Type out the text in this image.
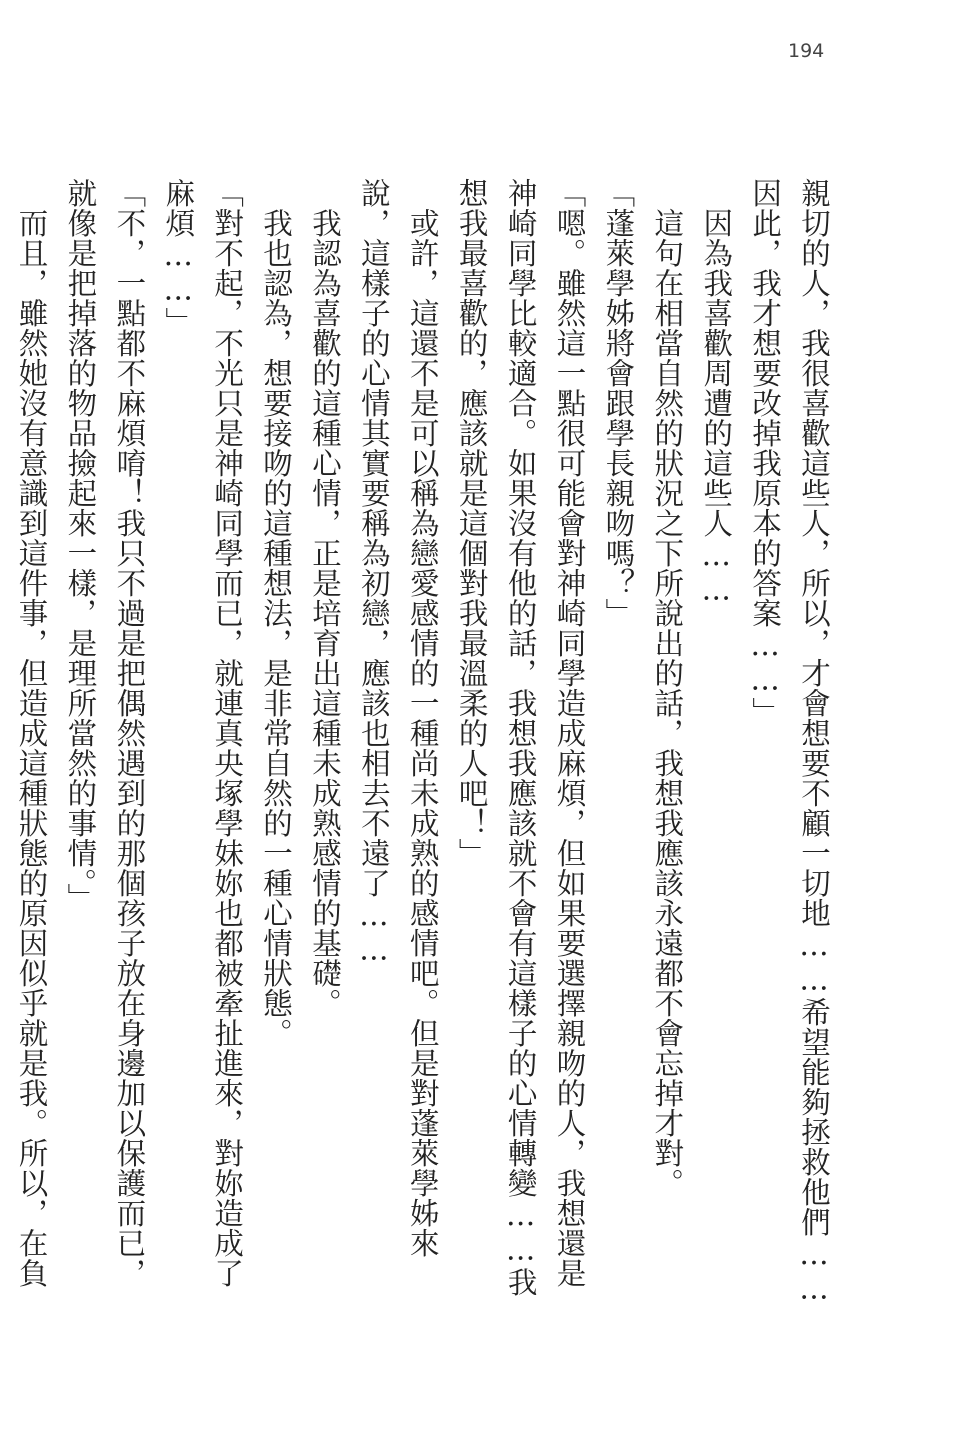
194

親切的人，我很喜歡這些人，所以，才會想要不顧一切地……希望能夠拯救他們……因此，我才想要改掉我原本的答案……」

　因為我喜歡周遭的這些人……

　這句在相當自然的狀況之下所說出的話，我想我應該永遠都不會忘掉才對。

「蓬萊學姊將會跟學長親吻嗎？」

「嗯。雖然這一點很可能會對神崎同學造成麻煩，但如果要選擇親吻的人，我想還是神崎同學比較適合。如果沒有他的話，我想我應該就不會有這樣子的心情轉變……我想我最喜歡的，應該就是這個對我最溫柔的人吧！」

　或許，這還不是可以稱為戀愛感情的一種尚未成熟的感情吧。但是對蓬萊學姊來說，這樣子的心情其實要稱為初戀，應該也相去不遠了……

　我認為喜歡的這種心情，正是培育出這種未成熟感情的基礎。

　我也認為，想要接吻的這種想法，是非常自然的一種心情狀態。

「對不起，不光只是神崎同學而已，就連真央塚學妹妳也都被牽扯進來，對妳造成了麻煩……」

「不，一點都不麻煩唷！我只不過是把偶然遇到的那個孩子放在身邊加以保護而已，就像是把掉落的物品撿起來一樣，是理所當然的事情。」

　而且，雖然她沒有意識到這件事，但造成這種狀態的原因似乎就是我。所以，在負
